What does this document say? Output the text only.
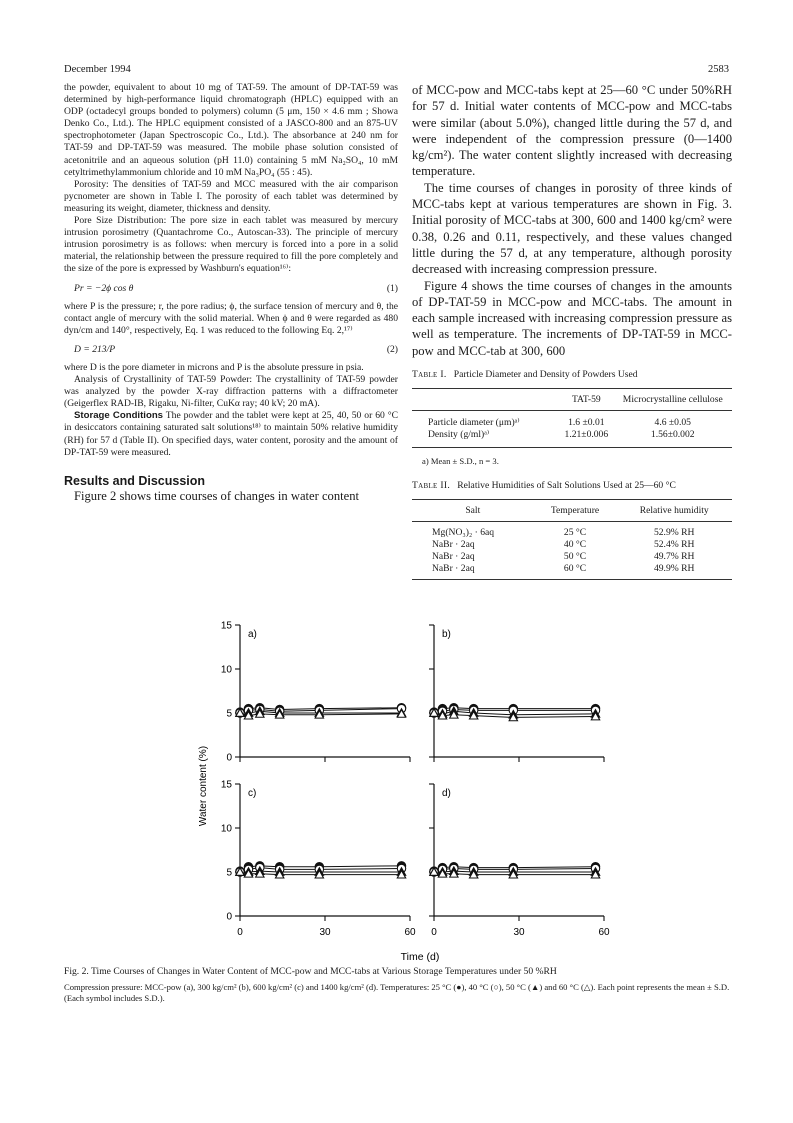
December 1994	2583

the powder, equivalent to about 10 mg of TAT-59. The amount of DP-TAT-59 was determined by high-performance liquid chromatograph (HPLC) equipped with an ODP (octadecyl groups bonded to polymers) column (5 μm, 150 × 4.6 mm ; Showa Denko Co., Ltd.). The HPLC equipment consisted of a JASCO-800 and an 875-UV spectrophotometer (Japan Spectroscopic Co., Ltd.). The absorbance at 240 nm for TAT-59 and DP-TAT-59 was measured. The mobile phase solution consisted of acetonitrile and an aqueous solution (pH 11.0) containing 5 mM Na₂SO₄, 10 mM cetyltrimethylammonium chloride and 10 mM Na₃PO₄ (55 : 45).

Porosity: The densities of TAT-59 and MCC measured with the air comparison pycnometer are shown in Table I. The porosity of each tablet was determined by measuring its weight, diameter, thickness and density.

Pore Size Distribution: The pore size in each tablet was measured by mercury intrusion porosimetry (Quantachrome Co., Autoscan-33). The principle of mercury intrusion porosimetry is as follows: when mercury is forced into a pore in a solid material, the relationship between the pressure required to fill the pore completely and the size of the pore is expressed by Washburn's equation¹⁶⁾:

Pr = −2ϕ cos θ	(1)

where P is the pressure; r, the pore radius; ϕ, the surface tension of mercury and θ, the contact angle of mercury with the solid material. When ϕ and θ were regarded as 480 dyn/cm and 140°, respectively, Eq. 1 was reduced to the following Eq. 2,¹⁷⁾

D = 213/P	(2)

where D is the pore diameter in microns and P is the absolute pressure in psia.

Analysis of Crystallinity of TAT-59 Powder: The crystallinity of TAT-59 powder was analyzed by the powder X-ray diffraction patterns with a diffractometer (Geigerflex RAD-IB, Rigaku, Ni-filter, CuKα ray; 40 kV; 20 mA).

Storage Conditions The powder and the tablet were kept at 25, 40, 50 or 60 °C in desiccators containing saturated salt solutions¹⁸⁾ to maintain 50% relative humidity (RH) for 57 d (Table II). On specified days, water content, porosity and the amount of DP-TAT-59 were measured.

Results and Discussion

Figure 2 shows time courses of changes in water content

of MCC-pow and MCC-tabs kept at 25—60 °C under 50%RH for 57 d. Initial water contents of MCC-pow and MCC-tabs were similar (about 5.0%), changed little during the 57 d, and were independent of the compression pressure (0—1400 kg/cm²). The water content slightly increased with decreasing temperature.

The time courses of changes in porosity of three kinds of MCC-tabs kept at various temperatures are shown in Fig. 3. Initial porosity of MCC-tabs at 300, 600 and 1400 kg/cm² were 0.38, 0.26 and 0.11, respectively, and these values changed little during the 57 d, at any temperature, although porosity decreased with increasing compression pressure.

Figure 4 shows the time courses of changes in the amounts of DP-TAT-59 in MCC-pow and MCC-tabs. The amount in each sample increased with increasing compression pressure as well as temperature. The increments of DP-TAT-59 in MCC-pow and MCC-tab at 300, 600

Table I. Particle Diameter and Density of Powders Used

	TAT-59	Microcrystalline cellulose

Particle diameter (μm)ᵃ⁾	1.6 ±0.01	4.6 ±0.05
Density (g/ml)ᵃ⁾	1.21±0.006	1.56±0.002

a) Mean ± S.D., n = 3.

Table II. Relative Humidities of Salt Solutions Used at 25—60 °C

Salt	Temperature	Relative humidity

Mg(NO₃)₂ · 6aq	25 °C	52.9% RH
NaBr · 2aq	40 °C	52.4% RH
NaBr · 2aq	50 °C	49.7% RH
NaBr · 2aq	60 °C	49.9% RH
0
5
10
15
a)	b)
0
5
10
15
0	30	60
c)
0	30	60
d)
Water content (%)
Time (d)
Fig. 2. Time Courses of Changes in Water Content of MCC-pow and MCC-tabs at Various Storage Temperatures under 50 %RH
Compression pressure: MCC-pow (a), 300 kg/cm² (b), 600 kg/cm² (c) and 1400 kg/cm² (d). Temperatures: 25 °C (●), 40 °C (○), 50 °C (▲) and 60 °C (△). Each point represents the mean ± S.D. (Each symbol includes S.D.).
